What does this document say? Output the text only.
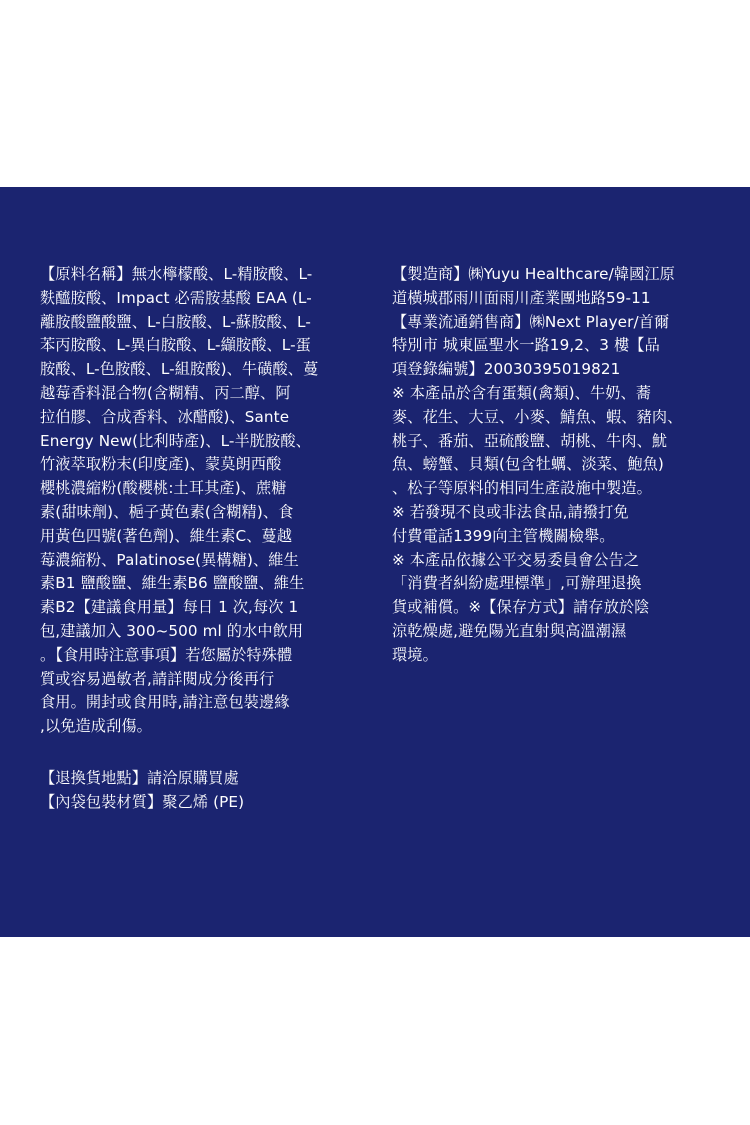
【原料名稱】無水檸檬酸、L-精胺酸、L-

麩醯胺酸、Impact 必需胺基酸 EAA (L-

離胺酸鹽酸鹽、L-白胺酸、L-蘇胺酸、L-

苯丙胺酸、L-異白胺酸、L-纈胺酸、L-蛋

胺酸、L-色胺酸、L-組胺酸)、牛磺酸、蔓

越莓香料混合物(含糊精、丙二醇、阿

拉伯膠、合成香料、冰醋酸)、Sante

Energy New(比利時產)、L-半胱胺酸、

竹液萃取粉末(印度產)、蒙莫朗西酸

櫻桃濃縮粉(酸櫻桃:土耳其產)、蔗糖

素(甜味劑)、梔子黃色素(含糊精)、食

用黃色四號(著色劑)、維生素C、蔓越

莓濃縮粉、Palatinose(異構糖)、維生

素B1 鹽酸鹽、維生素B6 鹽酸鹽、維生

素B2【建議食用量】每日 1 次,每次 1

包,建議加入 300~500 ml 的水中飲用

。【食用時注意事項】若您屬於特殊體

質或容易過敏者,請詳閱成分後再行

食用。開封或食用時,請注意包裝邊緣

,以免造成刮傷。

【退換貨地點】請洽原購買處

【內袋包裝材質】聚乙烯 (PE)

【製造商】㈱Yuyu Healthcare/韓國江原

道橫城郡雨川面雨川產業團地路59-11

【專業流通銷售商】㈱Next Player/首爾

特別市 城東區聖水一路19,2、3 樓【品

項登錄編號】20030395019821

※ 本產品於含有蛋類(禽類)、牛奶、蕎

麥、花生、大豆、小麥、鯖魚、蝦、豬肉、

桃子、番茄、亞硫酸鹽、胡桃、牛肉、魷

魚、螃蟹、貝類(包含牡蠣、淡菜、鮑魚)

、松子等原料的相同生產設施中製造。

※ 若發現不良或非法食品,請撥打免

付費電話1399向主管機關檢舉。

※ 本產品依據公平交易委員會公告之

「消費者糾紛處理標準」,可辦理退換

貨或補償。※【保存方式】請存放於陰

涼乾燥處,避免陽光直射與高溫潮濕

環境。
